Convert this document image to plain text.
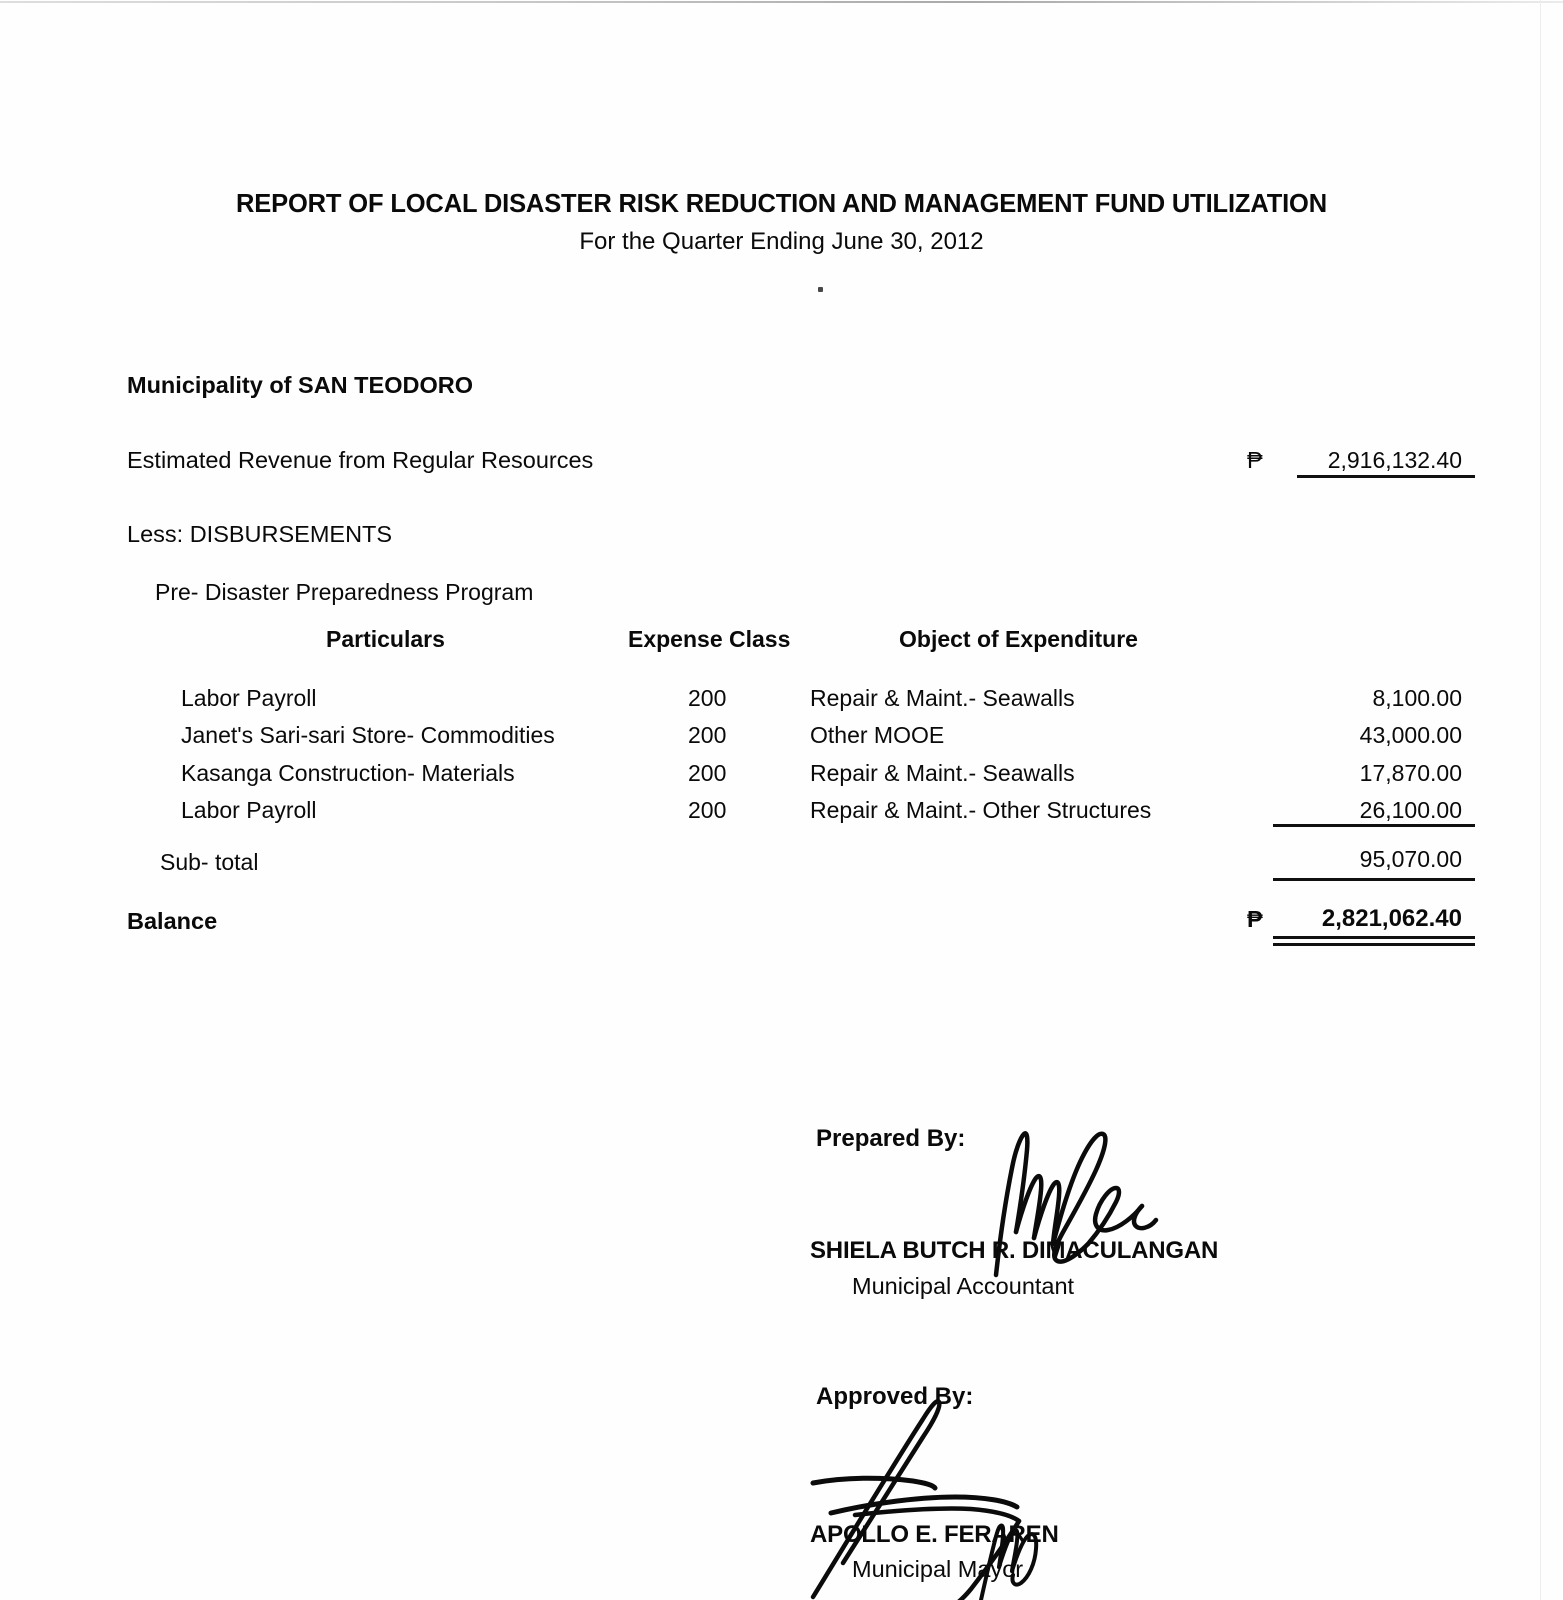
REPORT OF LOCAL DISASTER RISK REDUCTION AND MANAGEMENT FUND UTILIZATION
For the Quarter Ending June 30, 2012
Municipality of SAN TEODORO
Estimated Revenue from Regular Resources	₱	2,916,132.40
Less: DISBURSEMENTS
Pre- Disaster Preparedness Program
Particulars	Expense Class	Object of Expenditure
Labor Payroll	200	Repair & Maint.- Seawalls	8,100.00
Janet's Sari-sari Store- Commodities	200	Other MOOE	43,000.00
Kasanga Construction- Materials	200	Repair & Maint.- Seawalls	17,870.00
Labor Payroll	200	Repair & Maint.- Other Structures	26,100.00
Sub- total	95,070.00
Balance	₱ 2,821,062.40
Prepared By:
SHIELA BUTCH R. DIMACULANGAN
Municipal Accountant
Approved By:
APOLLO E. FERAREN
Municipal Mayor
